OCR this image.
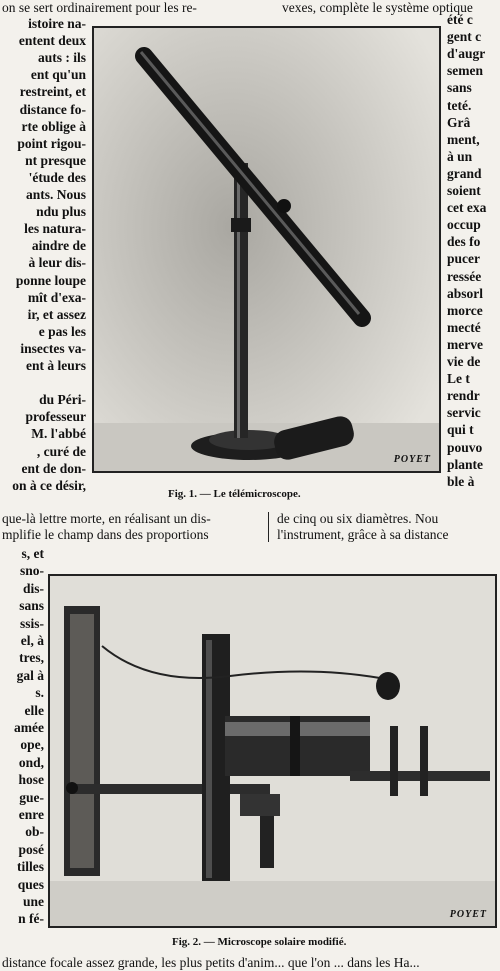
on se sert ordinairement pour les re-	vexes, complète le système optique
istoire na-
entent deux
auts : ils
ent qu'un
restreint, et
distance fo-
rte oblige à
point rigou-
nt presque
'étude des
ants. Nous
ndu plus
les natura-
aindre de
à leur dis-
ponne loupe
mît d'exa-
ir, et assez
e pas les
insectes va-
ent à leurs
du Péri-
professeur
M. l'abbé
, curé de
ent de don-
on à ce désir,
été c
gent c
d'augr
semen
sans
teté.
Grâ
ment,
à un
grand
soient
cet exa
occup
des fo
pucer
ressée
absorl
morce
mecté
merve
vie de
Le t
rendr
servic
qui t
pouvo
plante
ble à
POYET
Fig. 1. — Le télémicroscope.
que-là lettre morte, en réalisant un dis-
mplifie le champ dans des proportions
de cinq ou six diamètres. Nou
l'instrument, grâce à sa distance
s, et
sno-
dis-
sans
ssis-
el, à
tres,
gal à
s.
elle
amée
ope,
ond,
hose
gue-
enre
ob-
posé
tilles
ques
une
n fé-	POYET
Fig. 2. — Microscope solaire modifié.
distance focale assez grande, les plus petits d'anim... que l'on ... dans les Ha...
